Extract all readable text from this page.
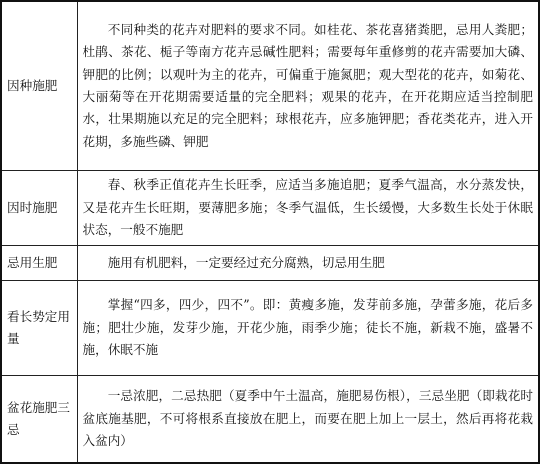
因种施肥	不同种类的花卉对肥料的要求不同。如桂花、茶花喜猪粪肥，忌用人粪肥；杜鹃、茶花、栀子等南方花卉忌碱性肥料；需要每年重修剪的花卉需要加大磷、钾肥的比例；以观叶为主的花卉，可偏重于施氮肥；观大型花的花卉，如菊花、大丽菊等在开花期需要适量的完全肥料；观果的花卉，在开花期应适当控制肥水，壮果期施以充足的完全肥料；球根花卉，应多施钾肥；香花类花卉，进入开花期，多施些磷、钾肥
因时施肥	春、秋季正值花卉生长旺季，应适当多施追肥；夏季气温高，水分蒸发快，又是花卉生长旺期，要薄肥多施；冬季气温低，生长缓慢，大多数生长处于休眠状态，一般不施肥
忌用生肥	施用有机肥料，一定要经过充分腐熟，切忌用生肥
看长势定用量	掌握“四多，四少，四不”。即：黄瘦多施，发芽前多施，孕蕾多施，花后多施；肥壮少施，发芽少施，开花少施，雨季少施；徒长不施，新栽不施，盛暑不施，休眠不施
盆花施肥三忌	一忌浓肥，二忌热肥（夏季中午土温高，施肥易伤根），三忌坐肥（即栽花时盆底施基肥，不可将根系直接放在肥上，而要在肥上加上一层土，然后再将花栽入盆内）
